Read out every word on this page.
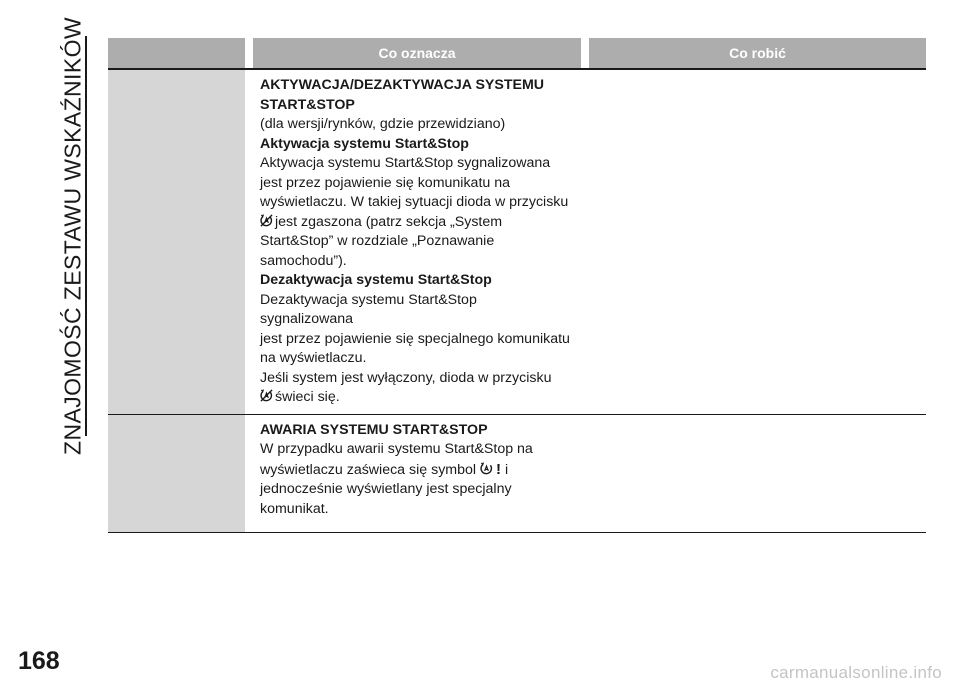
ZNAJOMOŚĆ ZESTAWU WSKAŹNIKÓW	Co oznacza	Co robić
AKTYWACJA/DEZAKTYWACJA SYSTEMU
START&STOP
(dla wersji/rynków, gdzie przewidziano)
Aktywacja systemu Start&Stop
Aktywacja systemu Start&Stop sygnalizowana
jest przez pojawienie się komunikatu na
wyświetlaczu. W takiej sytuacji dioda w przycisku
jest zgaszona (patrz sekcja „System
Start&Stop” w rozdziale „Poznawanie
samochodu”).
Dezaktywacja systemu Start&Stop
Dezaktywacja systemu Start&Stop sygnalizowana
jest przez pojawienie się specjalnego komunikatu
na wyświetlaczu.
Jeśli system jest wyłączony, dioda w przycisku
świeci się.
AWARIA SYSTEMU START&STOP
W przypadku awarii systemu Start&Stop na
wyświetlaczu zaświeca się symbol ! i
jednocześnie wyświetlany jest specjalny
komunikat.
168	carmanualsonline.info
